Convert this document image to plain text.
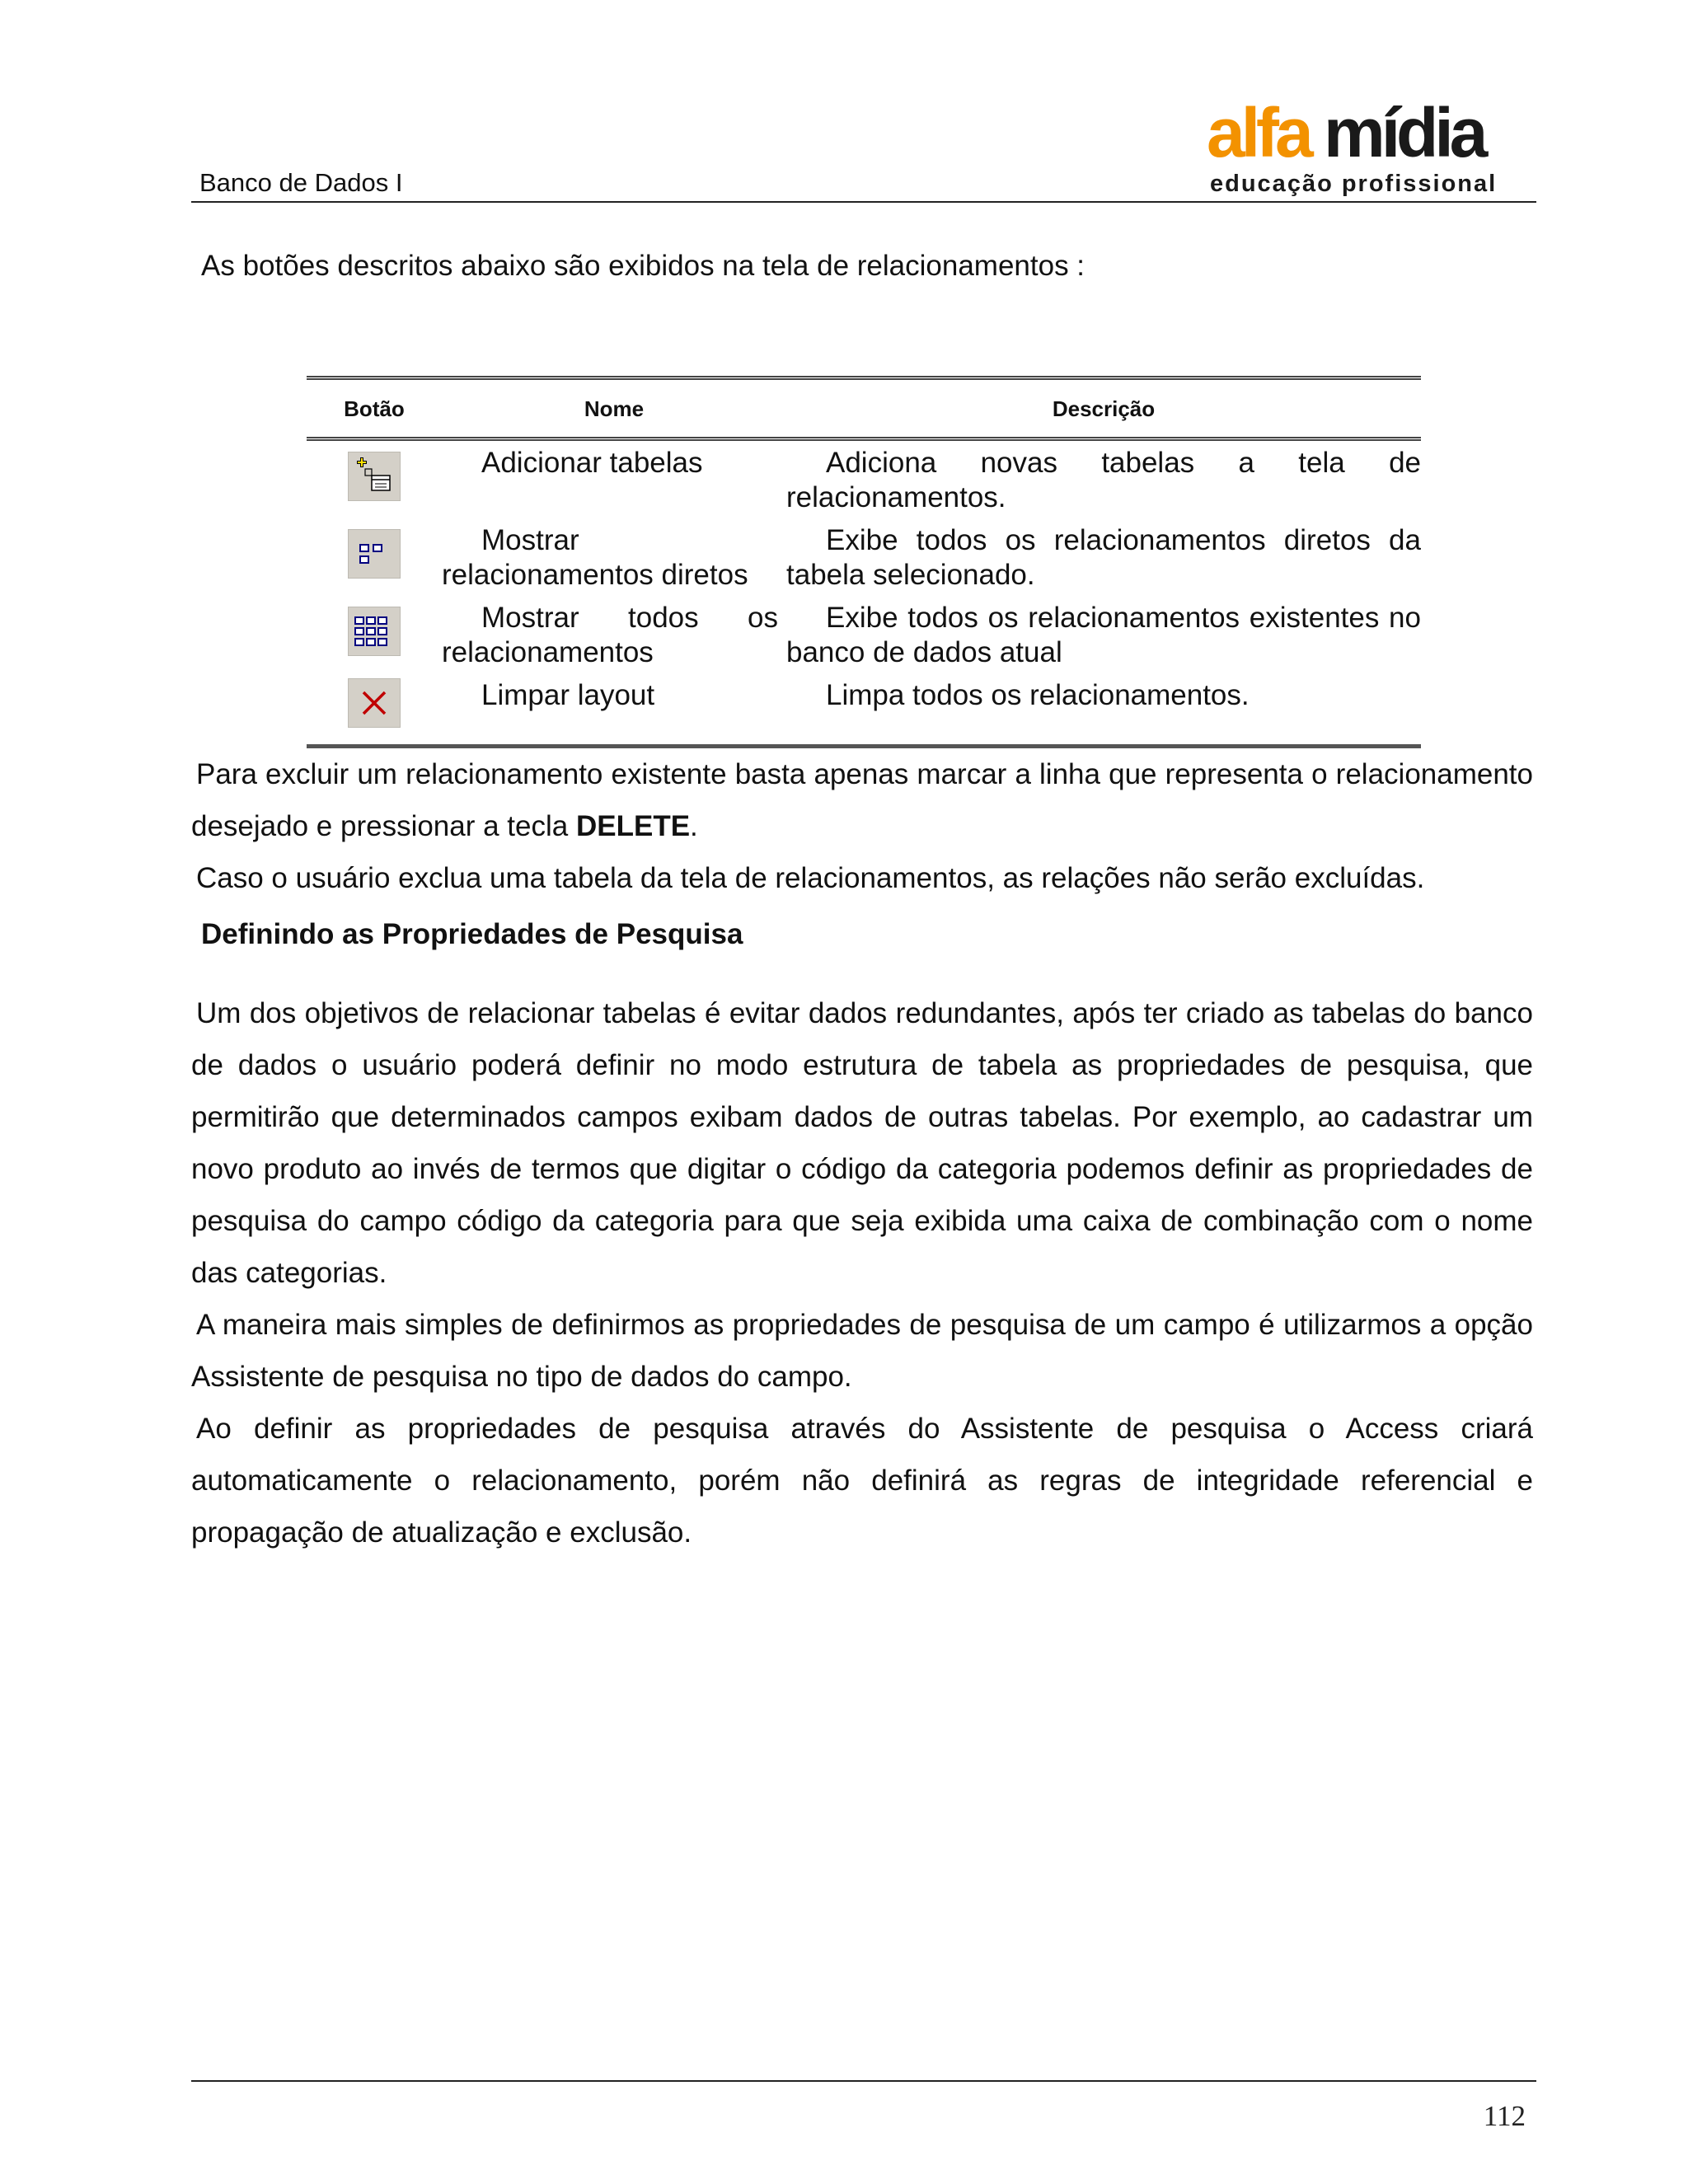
Banco de Dados I
alfa mídia
educação profissional

As botões descritos abaixo são exibidos na tela de relacionamentos :

Botão	Nome	Descrição

	Adicionar tabelas	Adiciona novas tabelas a tela de relacionamentos.

	Mostrar relacionamentos diretos	Exibe todos os relacionamentos diretos da tabela selecionado.

	Mostrar todos os relacionamentos	Exibe todos os relacionamentos existentes no banco de dados atual

	Limpar layout	Limpa todos os relacionamentos.

Para excluir um relacionamento existente basta apenas marcar a linha que representa o relacionamento desejado e pressionar a tecla DELETE.

Caso o usuário exclua uma tabela da tela de relacionamentos, as relações não serão excluídas.

Definindo as Propriedades de Pesquisa

Um dos objetivos de relacionar tabelas é evitar dados redundantes, após ter criado as tabelas do banco de dados o usuário poderá definir no modo estrutura de tabela as propriedades de pesquisa, que permitirão que determinados campos exibam dados de outras tabelas. Por exemplo, ao cadastrar um novo produto ao invés de termos que digitar o código da categoria podemos definir as propriedades de pesquisa do campo código da categoria para que seja exibida uma caixa de combinação com o nome das categorias.

A maneira mais simples de definirmos as propriedades de pesquisa de um campo é utilizarmos a opção Assistente de pesquisa no tipo de dados do campo.

Ao definir as propriedades de pesquisa através do Assistente de pesquisa o Access criará automaticamente o relacionamento, porém não definirá as regras de integridade referencial e propagação de atualização e exclusão.

112
